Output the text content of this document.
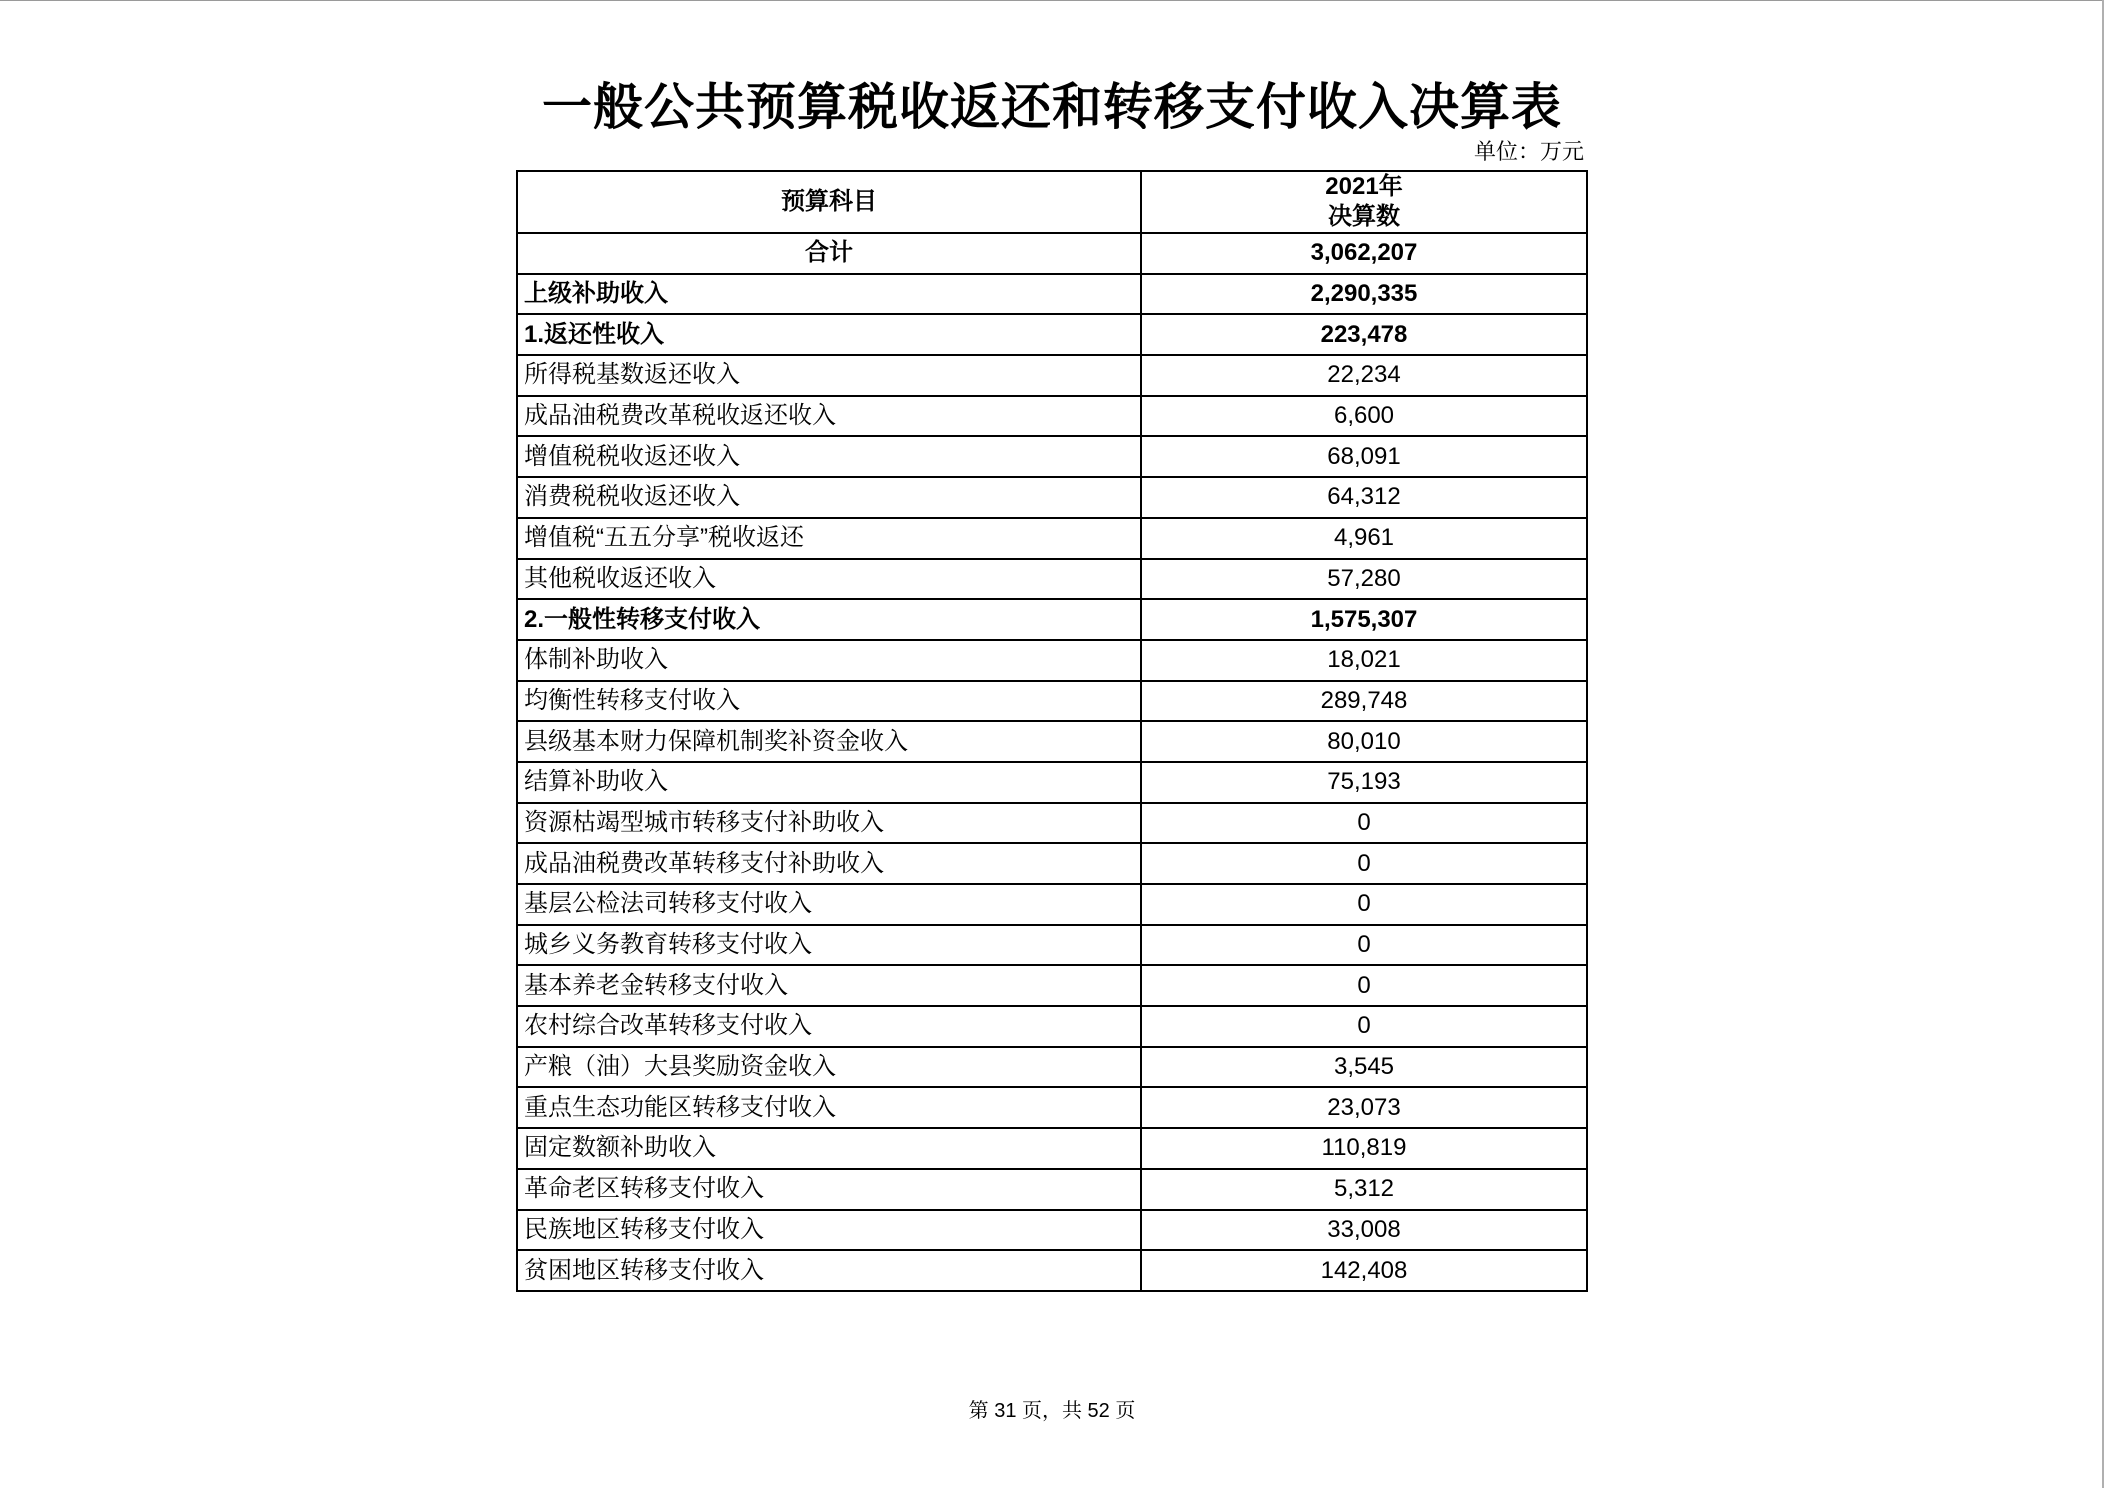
一般公共预算税收返还和转移支付收入决算表
单位：万元
预算科目	2021年
决算数

合计	3,062,207
上级补助收入	2,290,335
1.返还性收入	223,478
所得税基数返还收入	22,234
成品油税费改革税收返还收入	6,600
增值税税收返还收入	68,091
消费税税收返还收入	64,312
增值税“五五分享”税收返还	4,961
其他税收返还收入	57,280
2.一般性转移支付收入	1,575,307
体制补助收入	18,021
均衡性转移支付收入	289,748
县级基本财力保障机制奖补资金收入	80,010
结算补助收入	75,193
资源枯竭型城市转移支付补助收入	0
成品油税费改革转移支付补助收入	0
基层公检法司转移支付收入	0
城乡义务教育转移支付收入	0
基本养老金转移支付收入	0
农村综合改革转移支付收入	0
产粮（油）大县奖励资金收入	3,545
重点生态功能区转移支付收入	23,073
固定数额补助收入	110,819
革命老区转移支付收入	5,312
民族地区转移支付收入	33,008
贫困地区转移支付收入	142,408
第 31 页，共 52 页
